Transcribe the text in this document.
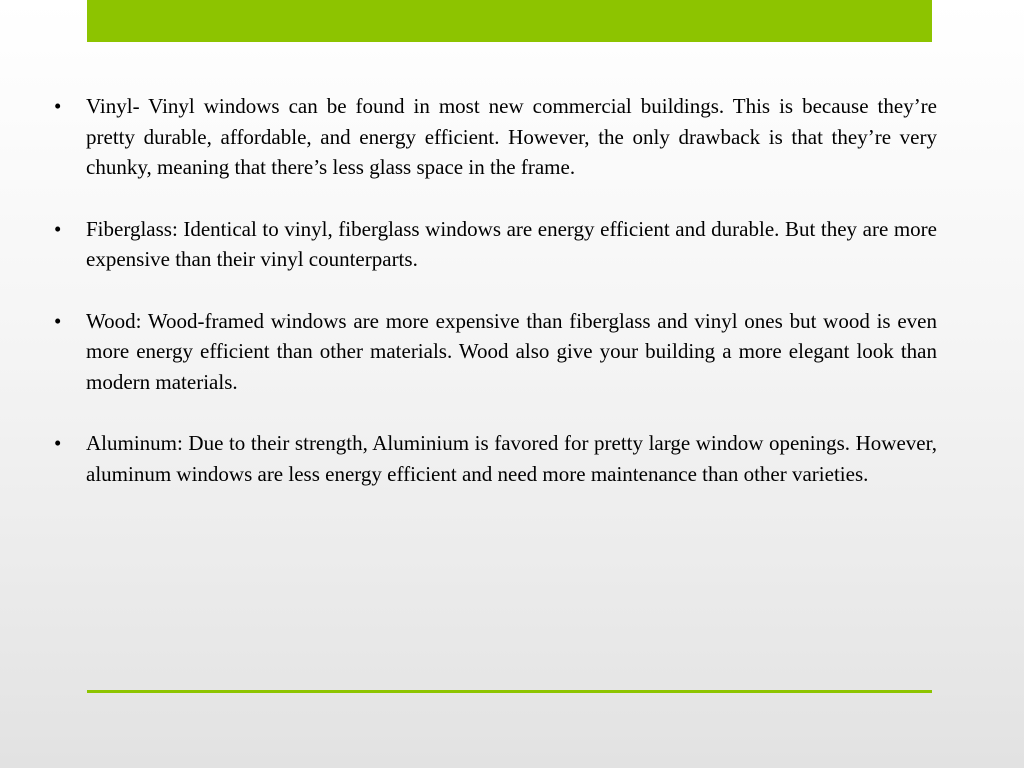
• Vinyl- Vinyl windows can be found in most new commercial buildings. This is because they’re pretty durable, affordable, and energy efficient. However, the only drawback is that they’re very chunky, meaning that there’s less glass space in the frame.
• Fiberglass: Identical to vinyl, fiberglass windows are energy efficient and durable. But they are more expensive than their vinyl counterparts.
• Wood: Wood-framed windows are more expensive than fiberglass and vinyl ones but wood is even more energy efficient than other materials. Wood also give your building a more elegant look than modern materials.
• Aluminum: Due to their strength, Aluminium is favored for pretty large window openings. However, aluminum windows are less energy efficient and need more maintenance than other varieties.
